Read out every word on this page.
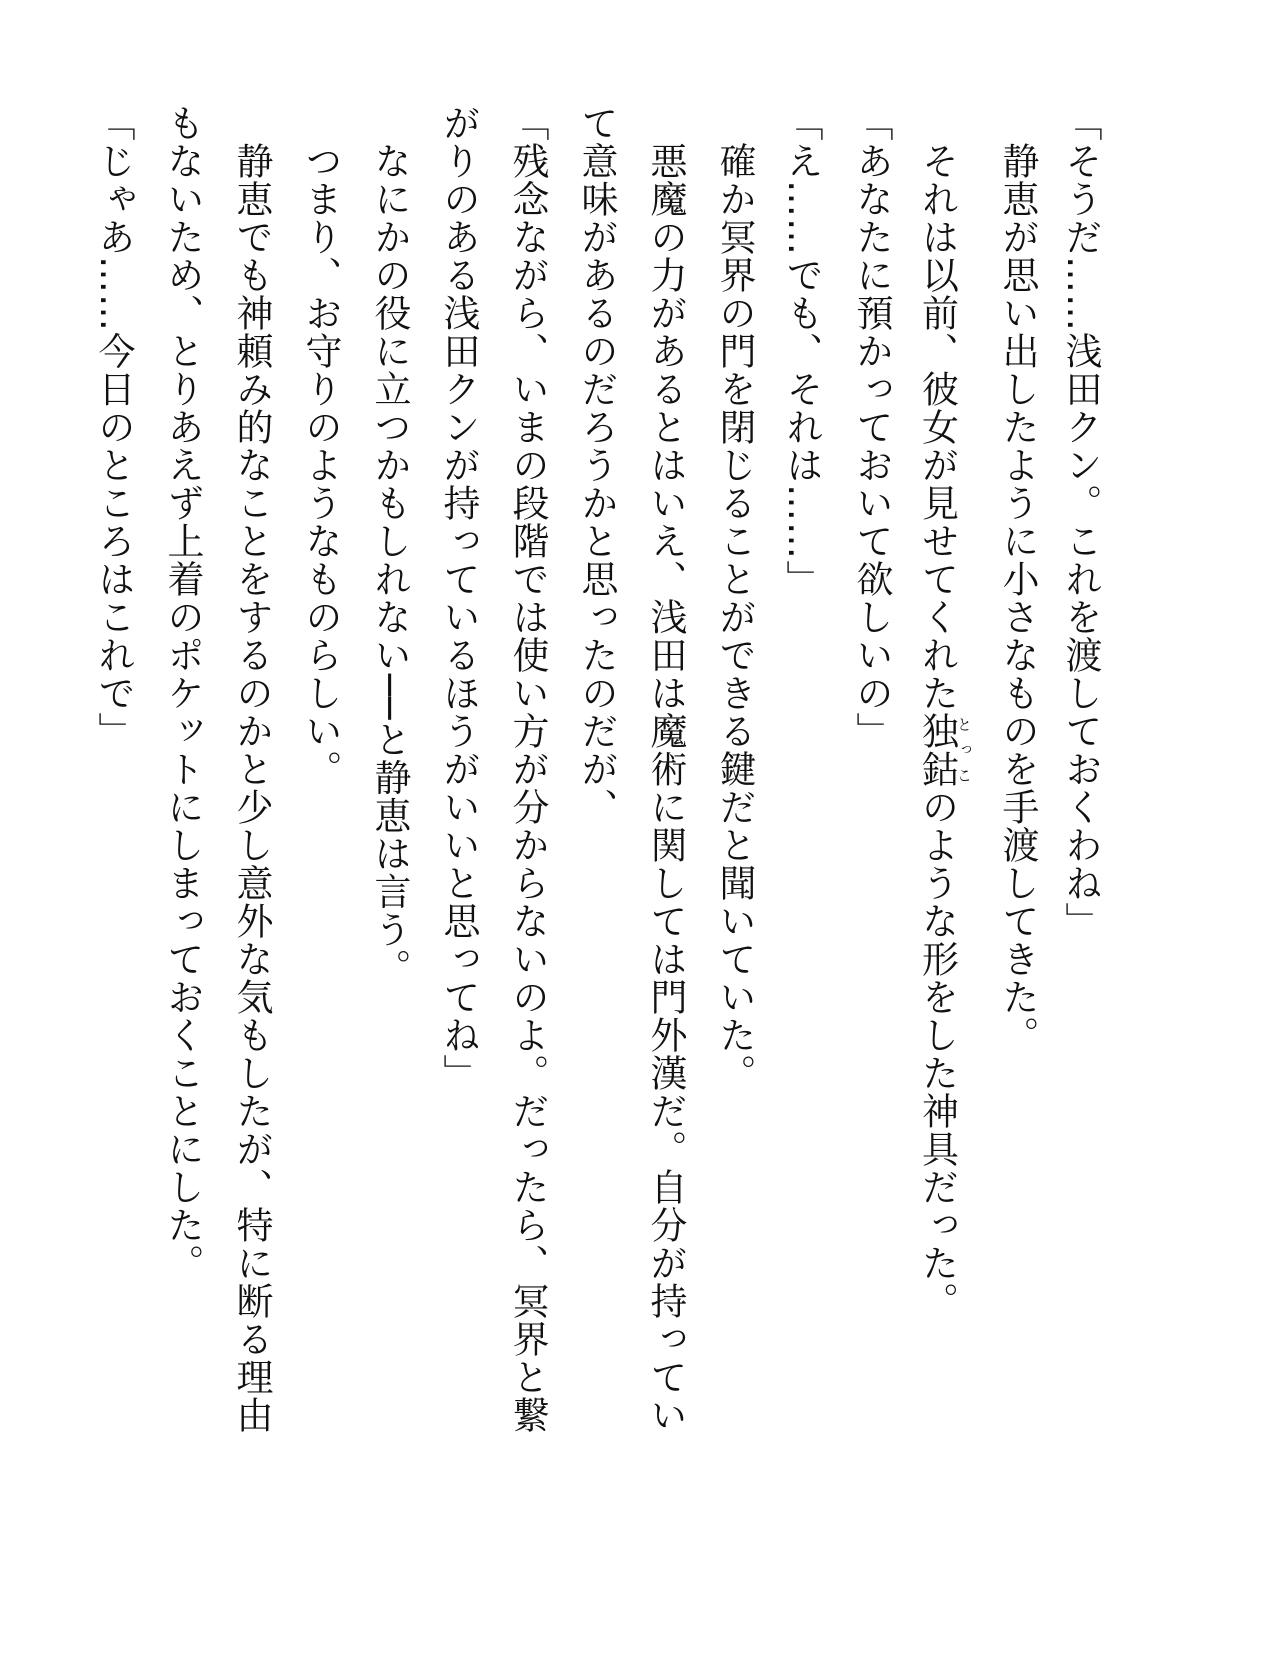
「そうだ……浅田クン。これを渡しておくわね」

静恵が思い出したように小さなものを手渡してきた。

それは以前、彼女が見せてくれた独鈷とっこのような形をした神具だった。

「あなたに預かっておいて欲しいの」

「え……でも、それは……」

確か冥界の門を閉じることができる鍵だと聞いていた。

悪魔の力があるとはいえ、浅田は魔術に関しては門外漢だ。自分が持ってい

て意味があるのだろうかと思ったのだが、

「残念ながら、いまの段階では使い方が分からないのよ。だったら、冥界と繋

がりのある浅田クンが持っているほうがいいと思ってね」

なにかの役に立つかもしれない──と静恵は言う。

つまり、お守りのようなものらしい。

静恵でも神頼み的なことをするのかと少し意外な気もしたが、特に断る理由

もないため、とりあえず上着のポケットにしまっておくことにした。

「じゃあ……今日のところはこれで」
